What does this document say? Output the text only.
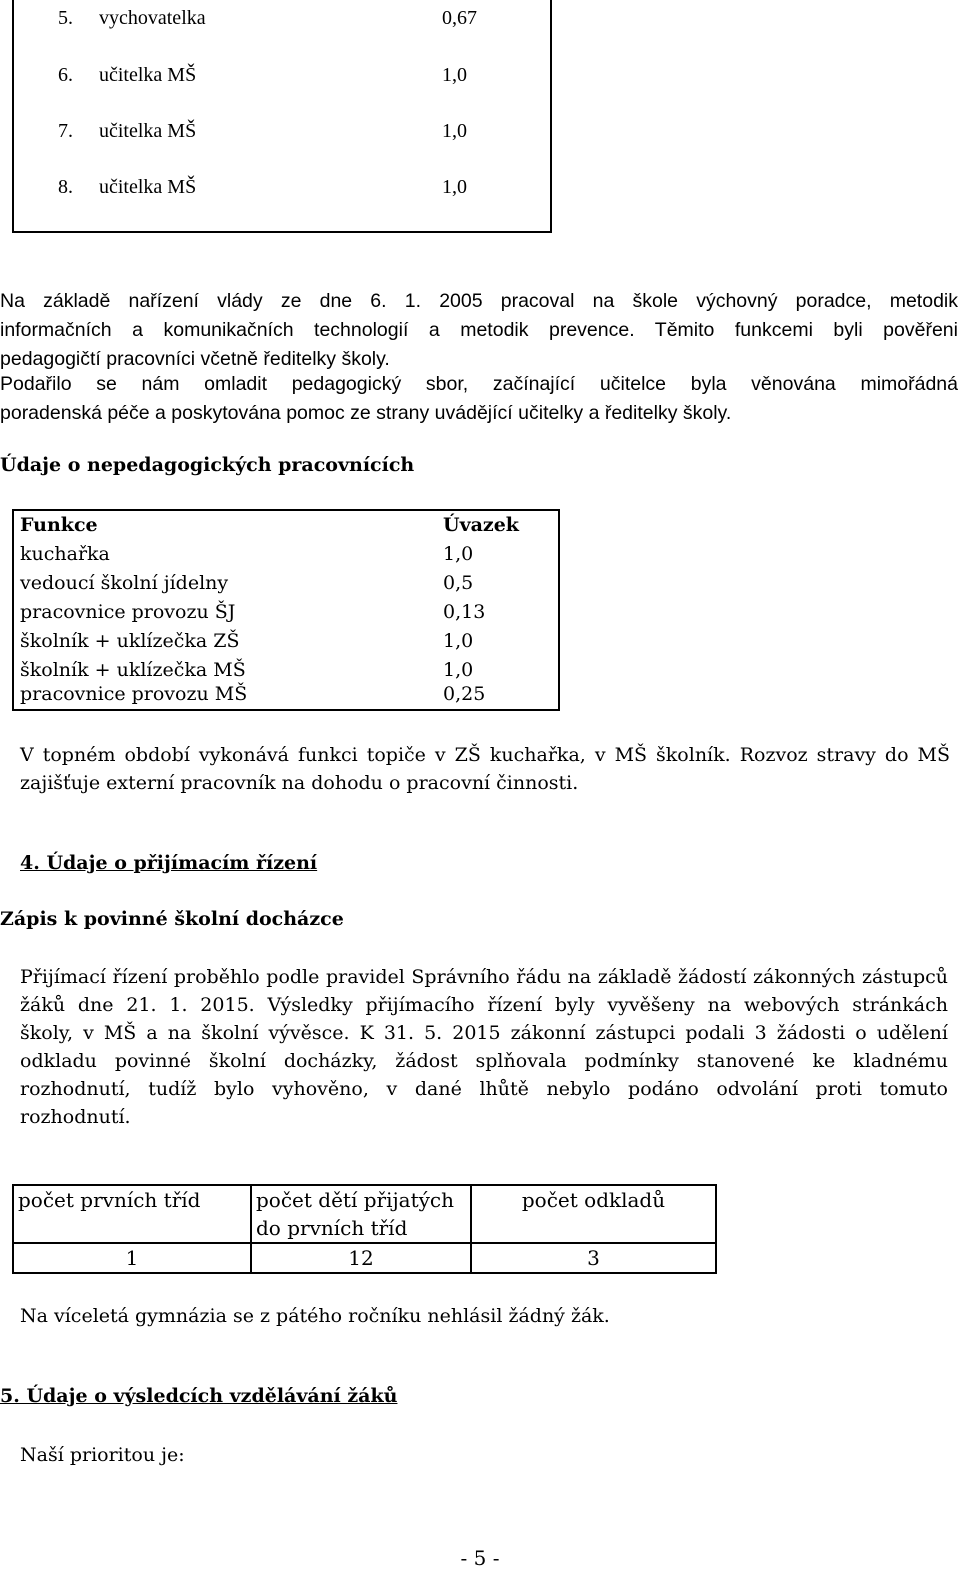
5. vychovatelka	0,67
6. učitelka MŠ	1,0
7. učitelka MŠ	1,0
8. učitelka MŠ	1,0
Na základě nařízení vlády ze dne 6. 1. 2005 pracoval na škole výchovný poradce, metodik
informačních a komunikačních technologií a metodik prevence. Těmito funkcemi byli pověřeni
pedagogičtí pracovníci včetně ředitelky školy.
Podařilo se nám omladit pedagogický sbor, začínající učitelce byla věnována mimořádná
poradenská péče a poskytována pomoc ze strany uvádějící učitelky a ředitelky školy.
Údaje o nepedagogických pracovnících
Funkce	Úvazek
kuchařka	1,0
vedoucí školní jídelny	0,5
pracovnice provozu ŠJ	0,13
školník + uklízečka ZŠ	1,0
školník + uklízečka MŠ	1,0
pracovnice provozu MŠ	0,25
V topném období vykonává funkci topiče v ZŠ kuchařka, v MŠ školník. Rozvoz stravy do MŠ
zajišťuje externí pracovník na dohodu o pracovní činnosti.
4. Údaje o přijímacím řízení
Zápis k povinné školní docházce
Přijímací řízení proběhlo podle pravidel Správního řádu na základě žádostí zákonných zástupců
žáků dne 21. 1. 2015. Výsledky přijímacího řízení byly vyvěšeny na webových stránkách
školy, v MŠ a na školní vývěsce. K 31. 5. 2015 zákonní zástupci podali 3 žádosti o udělení
odkladu povinné školní docházky, žádost splňovala podmínky stanovené ke kladnému
rozhodnutí, tudíž bylo vyhověno, v dané lhůtě nebylo podáno odvolání proti tomuto
rozhodnutí.
počet prvních tříd	počet dětí přijatých do prvních tříd	počet odkladů
1	12	3
Na víceletá gymnázia se z pátého ročníku nehlásil žádný žák.
5. Údaje o výsledcích vzdělávání žáků
Naší prioritou je:
- 5 -
